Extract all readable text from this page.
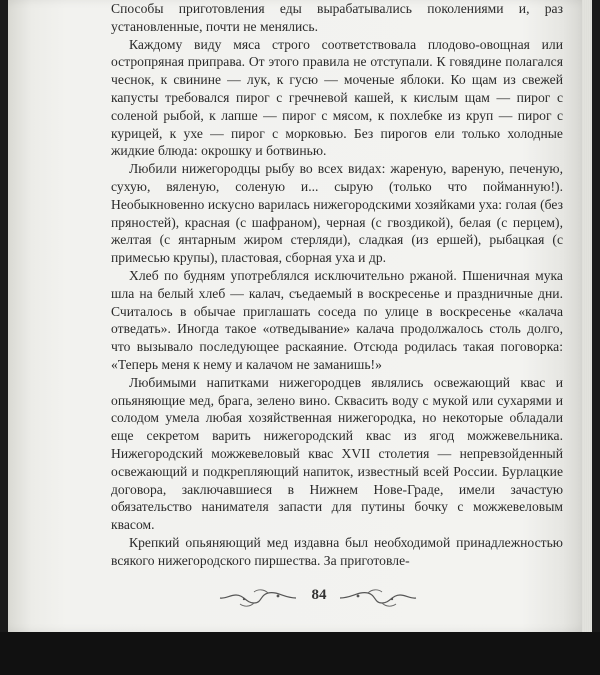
Способы приготовления еды вырабатывались поколениями и, раз установленные, почти не менялись.

Каждому виду мяса строго соответствовала плодово-овощная или остропряная приправа. От этого правила не отступали. К говядине полагался чеснок, к свинине — лук, к гусю — моченые яблоки. Ко щам из свежей капусты требовался пирог с гречневой кашей, к кислым щам — пирог с соленой рыбой, к лапше — пирог с мясом, к похлебке из круп — пирог с курицей, к ухе — пирог с морковью. Без пирогов ели только холодные жидкие блюда: окрошку и ботвинью.

Любили нижегородцы рыбу во всех видах: жареную, вареную, печеную, сухую, вяленую, соленую и... сырую (только что пойманную!). Необыкновенно искусно варилась нижегородскими хозяйками уха: голая (без пряностей), красная (с шафраном), черная (с гвоздикой), белая (с перцем), желтая (с янтарным жиром стерляди), сладкая (из ершей), рыбацкая (с примесью крупы), пластовая, сборная уха и др.

Хлеб по будням употреблялся исключительно ржаной. Пшеничная мука шла на белый хлеб — калач, съедаемый в воскресенье и праздничные дни. Считалось в обычае приглашать соседа по улице в воскресенье «калача отведать». Иногда такое «отведывание» калача продолжалось столь долго, что вызывало последующее раскаяние. Отсюда родилась такая поговорка: «Теперь меня к нему и калачом не заманишь!»

Любимыми напитками нижегородцев являлись освежающий квас и опьяняющие мед, брага, зелено вино. Сквасить воду с мукой или сухарями и солодом умела любая хозяйственная нижегородка, но некоторые обладали еще секретом варить нижегородский квас из ягод можжевельника. Нижегородский можжевеловый квас XVII столетия — непревзойденный освежающий и подкрепляющий напиток, известный всей России. Бурлацкие договора, заключавшиеся в Нижнем Нове-Граде, имели зачастую обязательство нанимателя запасти для путины бочку с можжевеловым квасом.

Крепкий опьяняющий мед издавна был необходимой принадлежностью всякого нижегородского пиршества. За приготовле-

84
